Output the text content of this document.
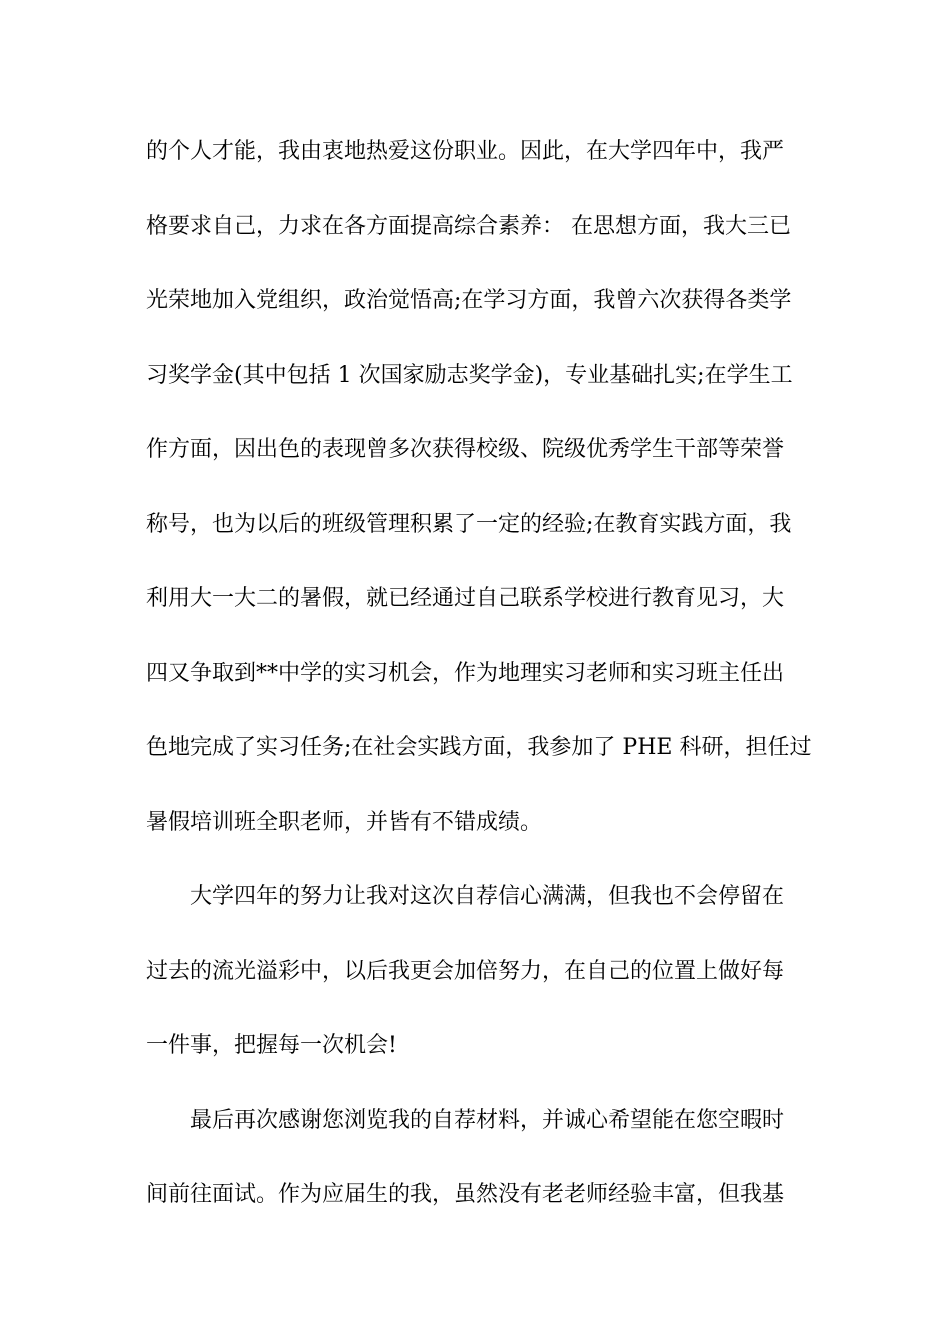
的个人才能，我由衷地热爱这份职业。因此，在大学四年中，我严
格要求自己，力求在各方面提高综合素养： 在思想方面，我大三已
光荣地加入党组织，政治觉悟高;在学习方面，我曾六次获得各类学
习奖学金(其中包括 1 次国家励志奖学金)，专业基础扎实;在学生工
作方面，因出色的表现曾多次获得校级、院级优秀学生干部等荣誉
称号，也为以后的班级管理积累了一定的经验;在教育实践方面，我
利用大一大二的暑假，就已经通过自己联系学校进行教育见习，大
四又争取到**中学的实习机会，作为地理实习老师和实习班主任出
色地完成了实习任务;在社会实践方面，我参加了 PHE 科研，担任过
暑假培训班全职老师，并皆有不错成绩。
大学四年的努力让我对这次自荐信心满满，但我也不会停留在
过去的流光溢彩中，以后我更会加倍努力，在自己的位置上做好每
一件事，把握每一次机会!
最后再次感谢您浏览我的自荐材料，并诚心希望能在您空暇时
间前往面试。作为应届生的我，虽然没有老老师经验丰富，但我基
